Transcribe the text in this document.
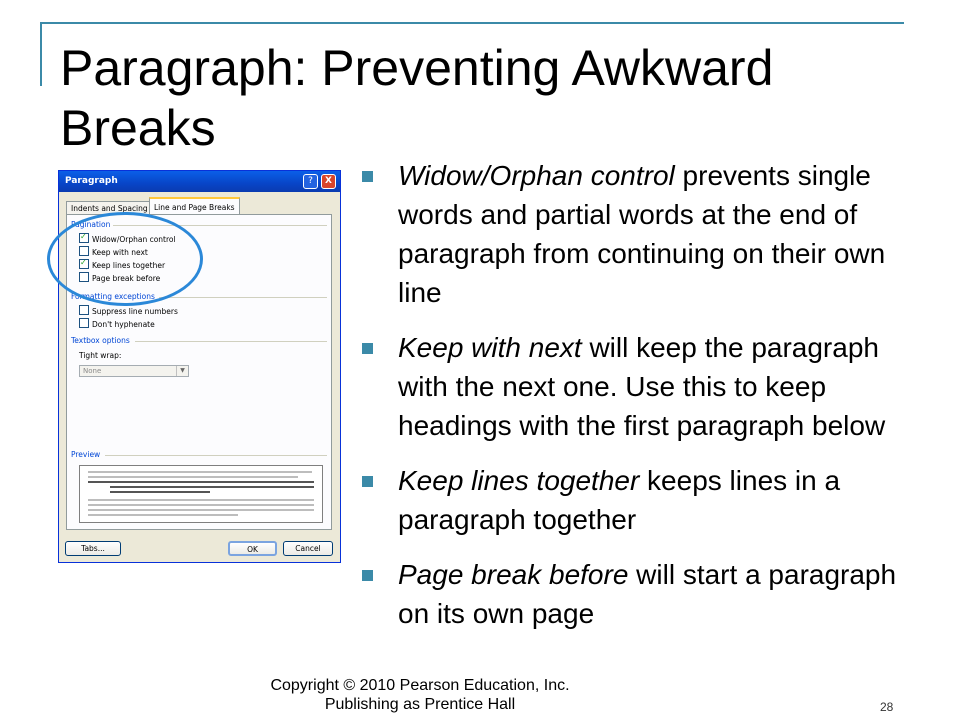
Paragraph: Preventing Awkward Breaks
Widow/Orphan control prevents single words and partial words at the end of paragraph from continuing on their own line
Keep with next will keep the paragraph with the next one. Use this to keep headings with the first paragraph below
Keep lines together keeps lines in a paragraph together
Page break before will start a paragraph on its own page
Paragraph	?	X
Indents and Spacing Line and Page Breaks
Pagination
✓Widow/Orphan control
Keep with next
✓Keep lines together
Page break before
Formatting exceptions
Suppress line numbers
Don't hyphenate
Textbox options
Tight wrap:
None	▼
Preview
Tabs...	OK	Cancel
Copyright © 2010 Pearson Education, Inc.
Publishing as Prentice Hall	28
